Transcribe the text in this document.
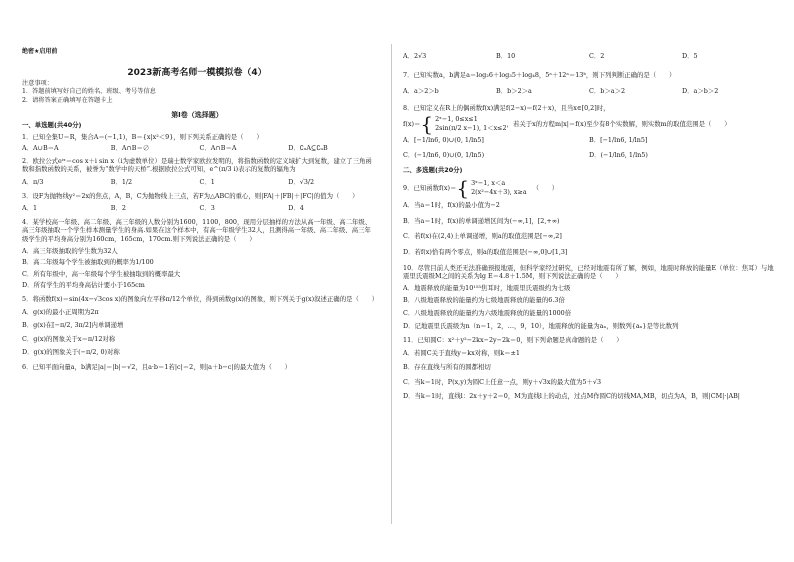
绝密★启用前
2023新高考名师一模模拟卷（4）
注意事项：
1．答题前填写好自己的姓名、班级、考号等信息
2．请将答案正确填写在答题卡上
第I卷（选择题）
一、单选题(共40分)
1．已知全集U＝R，集合A＝(−1,1)，B＝{x|x²＜9}，则下列关系正确的是（　　）
A．A∪B＝A	B．A∩B＝∅	C．A∩B＝A	D．∁ᵤA⊆∁ᵤB
2．欧拉公式eⁱˣ＝cos x＋i sin x（i为虚数单位）是瑞士数学家欧拉发明的，将指数函数的定义域扩大到复数，建立了三角函数和指数函数的关系，被誉为“数学中的天桥”.根据欧拉公式可知，e^(π/3 i)表示的复数的辐角为
A．π/3	B．1/2	C．1	D．√3/2
3．设F为抛物线y²＝2x的焦点，A，B，C为抛物线上三点，若F为△ABC的重心，则|FA|＋|FB|＋|FC|的值为（　　）
A．1	B．2	C．3	D．4
4．某学校高一年级、高二年级、高三年级的人数分别为1600，1100，800，现用分层抽样的方法从高一年级、高二年级、高三年级抽取一个学生样本测量学生的身高.如果在这个样本中，有高一年级学生32人，且测得高一年级、高二年级、高三年级学生的平均身高分别为160cm，165cm，170cm.则下列说法正确的是（　　）
A．高三年级抽取的学生数为32人
B．高二年级每个学生被抽取到的概率为1/100
C．所有年级中，高一年级每个学生被抽取到的概率最大
D．所有学生的平均身高估计要小于165cm
5．将函数f(x)＝sin(4x−√3cos x)的图象向左平移π/12个单位，得到函数g(x)的图象，则下列关于g(x)叙述正确的是（　　）
A．g(x)的最小正周期为2π
B．g(x)在[−π/2, 3π/2]内单调递增
C．g(x)的图象关于x＝π/12对称
D．g(x)的图象关于(−π/2, 0)对称
6．已知平面向量a，b满足|a|＝|b|＝√2，且a·b＝1若|c|＝2，则|a＋b−c|的最大值为（　　）
A．2√3	B．10	C．2	D．5
7．已知实数a，b满足a＝log₂6＋log₃5＋log₄8，5ᵃ＋12ᵃ＝13ᵇ，则下列判断正确的是（　　）
A．a＞2＞b	B．b＞2＞a	C．b＞a＞2	D．a＞b＞2
8．已知定义在R上的偶函数f(x)满足f(2−x)＝f(2＋x)，且当x∈[0,2]时，
f(x)＝ { 2ˣ−1, 0≤x≤1
2sin(π/2 x−1), 1＜x≤2
，若关于x的方程m|x|＝f(x)至少有8个实数解，则实数m的取值范围是（　　）
A．[−1/ln6, 0)∪(0, 1/ln5]	B．[−1/ln6, 1/ln5]
C．(−1/ln6, 0)∪(0, 1/ln5)	D．(−1/ln6, 1/ln5)
二、多选题(共20分)
9．已知函数f(x)＝ { 3ˣ−1, x＜a
2(x²−4x＋3), x≥a
（　　）
A．当a＝1时，f(x)的最小值为−2
B．当a＝1时，f(x)的单调递增区间为(−∞,1]，[2,+∞)
C．若f(x)在(2,4)上单调递增，则a的取值范围是[−∞,2]
D．若f(x)恰有两个零点，则a的取值范围是(−∞,0]∪[1,3]
10．尽管目前人类还无法准确预报地震，但科学家经过研究，已经对地震有所了解，例如，地震时释放的能量E（单位：焦耳）与地震里氏震级M之间的关系为lg E＝4.8＋1.5M，则下列说法正确的是（　　）
A．地震释放的能量为10¹⁵³焦耳时，地震里氏震级约为七级
B．八级地震释放的能量约为七级地震释放的能量的6.3倍
C．八级地震释放的能量约为六级地震释放的能量的1000倍
D．记地震里氏震级为n（n＝1，2，…，9，10），地震释放的能量为aₙ，则数列{aₙ}是等比数列
11．已知圆C：x²＋y²−2kx−2y−2k＝0，则下列命题是真命题的是（　　）
A．若圆C关于直线y＝kx对称，则k＝±1
B．存在直线与所有的圆都相切
C．当k＝1时，P(x,y)为圆C上任意一点，则y＋√3x的最大值为5＋√3
D．当k＝1时，直线l：2x＋y＋2＝0，M为直线l上的动点，过点M作圆C的切线MA,MB，切点为A，B，则|CM|·|AB|
